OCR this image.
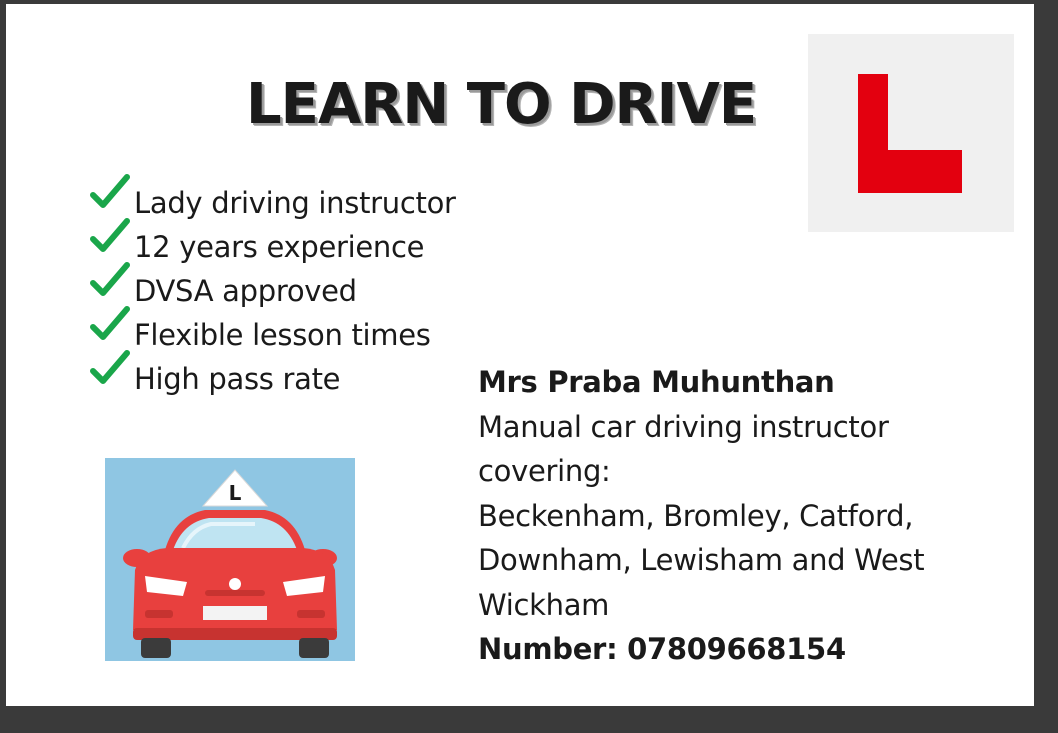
LEARN TO DRIVE
Lady driving instructor
12 years experience
DVSA approved
Flexible lesson times
High pass rate
L
Mrs Praba Muhunthan
Manual car driving instructor
covering:
Beckenham, Bromley, Catford,
Downham, Lewisham and West
Wickham
Number: 07809668154
